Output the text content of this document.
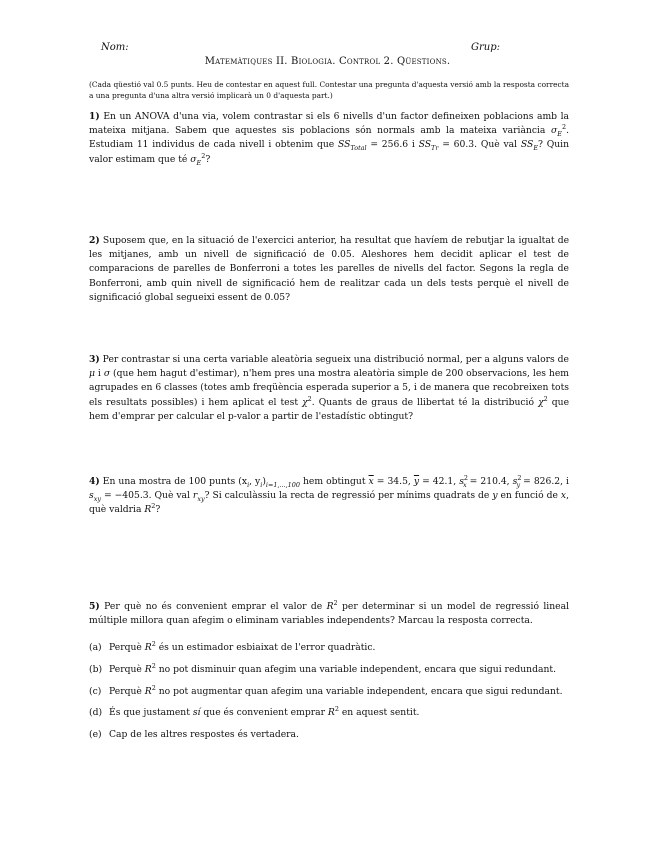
Nom:	Grup:
Matemàtiques II. Biologia. Control 2. Qüestions.
(Cada qüestió val 0.5 punts. Heu de contestar en aquest full. Contestar una pregunta d'aquesta versió amb la resposta correcta a una pregunta d'una altra versió implicarà un 0 d'aquesta part.)
1) En un ANOVA d'una via, volem contrastar si els 6 nivells d'un factor defineixen poblacions amb la mateixa mitjana. Sabem que aquestes sis poblacions són normals amb la mateixa variància $\sigma_E^2$. Estudiam 11 individus de cada nivell i obtenim que $SS_{Total} = 256.6$ i $SS_{Tr} = 60.3$. Què val $SS_E$? Quin valor estimam que té $\sigma_E^2$?
2) Suposem que, en la situació de l'exercici anterior, ha resultat que havíem de rebutjar la igualtat de les mitjanes, amb un nivell de significació de 0.05. Aleshores hem decidit aplicar el test de comparacions de parelles de Bonferroni a totes les parelles de nivells del factor. Segons la regla de Bonferroni, amb quin nivell de significació hem de realitzar cada un dels tests perquè el nivell de significació global segueixi essent de 0.05?
3) Per contrastar si una certa variable aleatòria segueix una distribució normal, per a alguns valors de μ i σ (que hem hagut d'estimar), n'hem pres una mostra aleatòria simple de 200 observacions, les hem agrupades en 6 classes (totes amb freqüència esperada superior a 5, i de manera que recobreixen tots els resultats possibles) i hem aplicat el test $\chi^2$. Quants de graus de llibertat té la distribució $\chi^2$ que hem d'emprar per calcular el p-valor a partir de l'estadístic obtingut?
4) En una mostra de 100 punts ($x_i$, $y_i)_{i=1,...,100}$ hem obtingut $\overline{x} = 34.5$, $\overline{y} = 42.1$, $s^2_x = 210.4$, $s^2_y = 826.2$, i $s_{xy} = -405.3$. Què val $r_{xy}$? Si calculàssiu la recta de regressió per mínims quadrats de y en funció de x, què valdria $R^2$?
5) Per què no és convenient emprar el valor de $R^2$ per determinar si un model de regressió lineal múltiple millora quan afegim o eliminam variables independents? Marcau la resposta correcta.
(a) Perquè $R^2$ és un estimador esbiaixat de l'error quadràtic.
(b) Perquè $R^2$ no pot disminuir quan afegim una variable independent, encara que sigui redundant.
(c) Perquè $R^2$ no pot augmentar quan afegim una variable independent, encara que sigui redundant.
(d) És que justament sí que és convenient emprar $R^2$ en aquest sentit.
(e) Cap de les altres respostes és vertadera.
